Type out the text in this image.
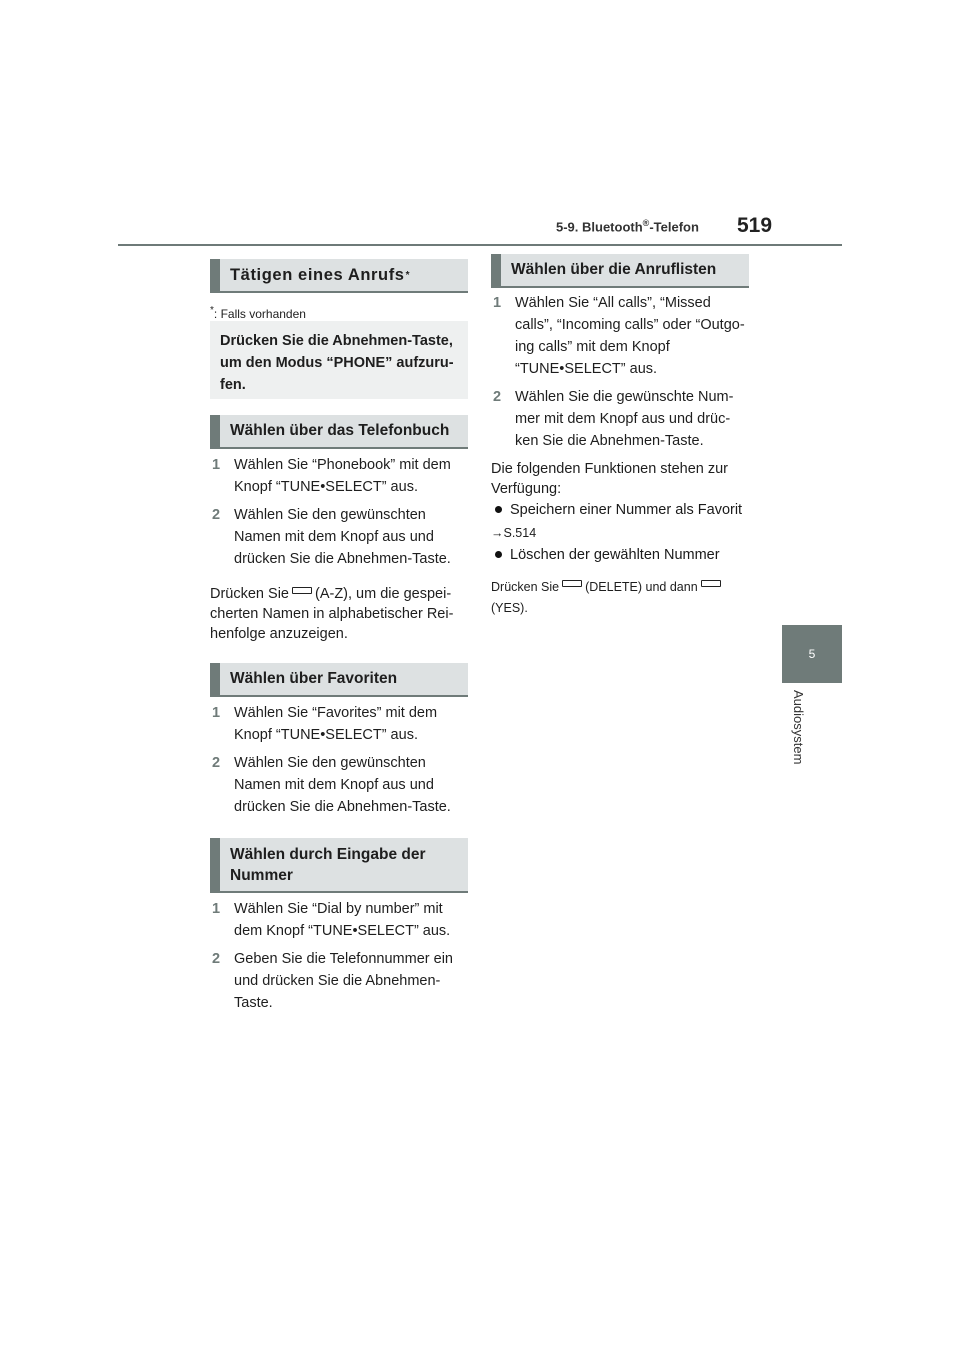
5-9. Bluetooth®-Telefon 519
5
Audiosystem
Tätigen eines Anrufs *
*: Falls vorhanden
Drücken Sie die Abnehmen-Taste, um den Modus “PHONE” aufzuru-fen.
Wählen über das Telefonbuch
1 Wählen Sie “Phonebook” mit dem Knopf “TUNE•SELECT” aus.
2 Wählen Sie den gewünschten Namen mit dem Knopf aus und drücken Sie die Abnehmen-Taste.
Drücken Sie (A-Z), um die gespei-cherten Namen in alphabetischer Rei-henfolge anzuzeigen.
Wählen über Favoriten
1 Wählen Sie “Favorites” mit dem Knopf “TUNE•SELECT” aus.
2 Wählen Sie den gewünschten Namen mit dem Knopf aus und drücken Sie die Abnehmen-Taste.
Wählen durch Eingabe der Nummer
1 Wählen Sie “Dial by number” mit dem Knopf “TUNE•SELECT” aus.
2 Geben Sie die Telefonnummer ein und drücken Sie die Abnehmen-Taste.
Wählen über die Anruflisten
1 Wählen Sie “All calls”, “Missed calls”, “Incoming calls” oder “Outgo-ing calls” mit dem Knopf “TUNE•SELECT” aus.
2 Wählen Sie die gewünschte Num-mer mit dem Knopf aus und drüc-ken Sie die Abnehmen-Taste.
Die folgenden Funktionen stehen zur Verfügung:
Speichern einer Nummer als Favorit
→S.514
Löschen der gewählten Nummer
Drücken Sie (DELETE) und dann
(YES).
